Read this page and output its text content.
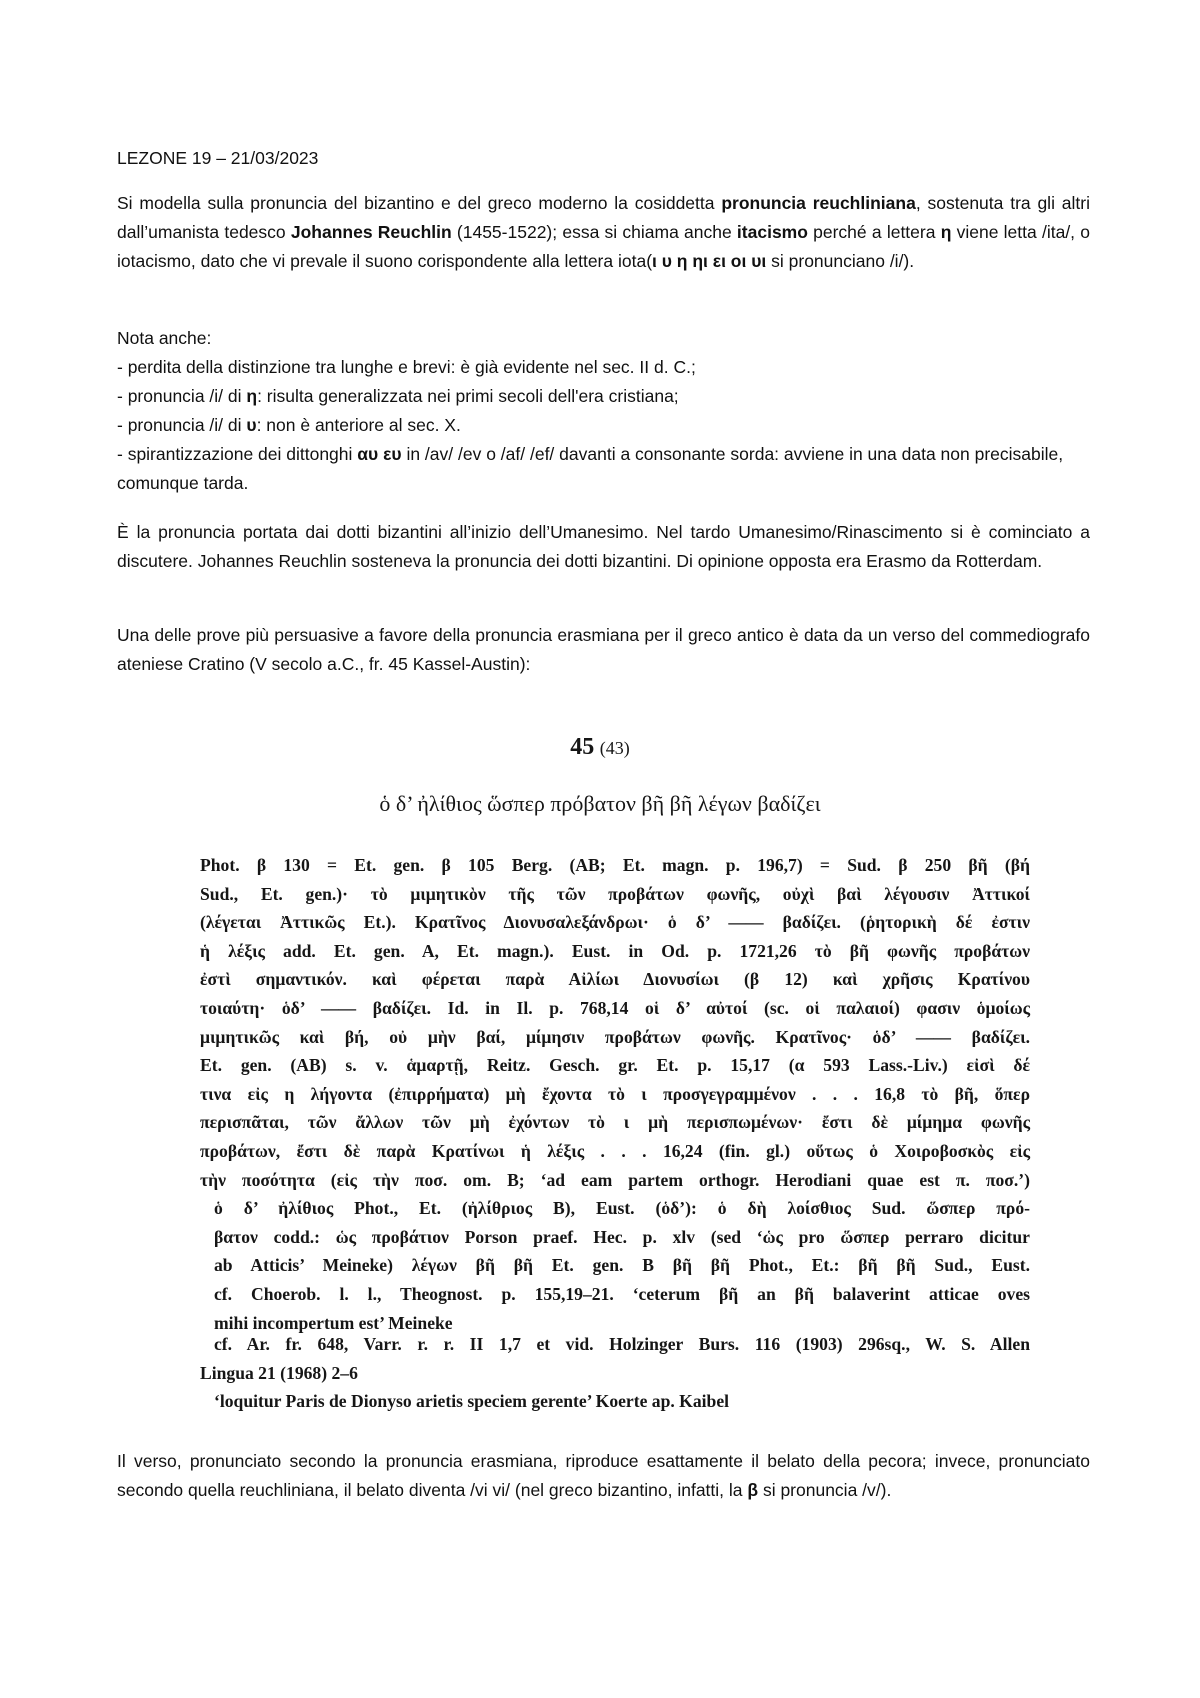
LEZONE 19 – 21/03/2023

Si modella sulla pronuncia del bizantino e del greco moderno la cosiddetta pronuncia reuchliniana, sostenuta tra gli altri dall’umanista tedesco Johannes Reuchlin (1455-1522); essa si chiama anche itacismo perché a lettera η viene letta /ita/, o iotacismo, dato che vi prevale il suono corispondente alla lettera iota(ι υ η ηι ει οι υι si pronunciano /i/).

Nota anche:

- perdita della distinzione tra lunghe e brevi: è già evidente nel sec. II d. C.;
- pronuncia /i/ di η: risulta generalizzata nei primi secoli dell'era cristiana;
- pronuncia /i/ di υ: non è anteriore al sec. X.
- spirantizzazione dei dittonghi αυ ευ in /av/ /ev o /af/ /ef/ davanti a consonante sorda: avviene in una data non precisabile, comunque tarda.

È la pronuncia portata dai dotti bizantini all’inizio dell’Umanesimo. Nel tardo Umanesimo/Rinascimento si è cominciato a discutere. Johannes Reuchlin sosteneva la pronuncia dei dotti bizantini. Di opinione opposta era Erasmo da Rotterdam.

Una delle prove più persuasive a favore della pronuncia erasmiana per il greco antico è data da un verso del commediografo ateniese Cratino (V secolo a.C., fr. 45 Kassel-Austin):

45 (43)
ὁ δ’ ἠλίθιος ὥσπερ πρόβατον βῆ βῆ λέγων βαδίζει

Phot. β 130 = Et. gen. β 105 Berg. (AB; Et. magn. p. 196,7) = Sud. β 250 βῆ (βή

Sud., Et. gen.)· τὸ μιμητικὸν τῆς τῶν προβάτων φωνῆς, οὐχὶ βαὶ λέγουσιν Ἀττικοί

(λέγεται Ἀττικῶς Et.). Κρατῖνος Διονυσαλεξάνδρωι· ὁ δ’ —— βαδίζει. (ῥητορικὴ δέ ἐστιν

ἡ λέξις add. Et. gen. A, Et. magn.). Eust. in Od. p. 1721,26 τὸ βῆ φωνῆς προβάτων

ἐστὶ σημαντικόν. καὶ φέρεται παρὰ Αἰλίωι Διονυσίωι (β 12) καὶ χρῆσις Κρατίνου

τοιαύτη· ὁδ’ —— βαδίζει. Id. in Il. p. 768,14 οἱ δ’ αὐτοί (sc. οἱ παλαιοί) φασιν ὁμοίως

μιμητικῶς καὶ βή, οὐ μὴν βαί, μίμησιν προβάτων φωνῆς. Κρατῖνος· ὁδ’ —— βαδίζει.

Et. gen. (AB) s. v. ἁμαρτῇ, Reitz. Gesch. gr. Et. p. 15,17 (α 593 Lass.-Liv.) εἰσὶ δέ

τινα εἰς η λήγοντα (ἐπιρρήματα) μὴ ἔχοντα τὸ ι προσγεγραμμένον . . . 16,8 τὸ βῆ, ὅπερ

περισπᾶται, τῶν ἄλλων τῶν μὴ ἐχόντων τὸ ι μὴ περισπωμένων· ἔστι δὲ μίμημα φωνῆς

προβάτων, ἔστι δὲ παρὰ Κρατίνωι ἡ λέξις . . . 16,24 (fin. gl.) οὕτως ὁ Χοιροβοσκὸς εἰς

τὴν ποσότητα (εἰς τὴν ποσ. om. B; ‘ad eam partem orthogr. Herodiani quae est π. ποσ.’)

ὁ δ’ ἠλίθιος Phot., Et. (ἠλίθριος B), Eust. (ὁδ’): ὁ δὴ λοίσθιος Sud. ὥσπερ πρό-

βατον codd.: ὡς προβάτιον Porson praef. Hec. p. xlv (sed ‘ὡς pro ὥσπερ perraro dicitur

ab Atticis’ Meineke) λέγων βῆ βῆ Et. gen. B βῆ βῆ Phot., Et.: βῆ βῆ Sud., Eust.

cf. Choerob. l. l., Theognost. p. 155,19–21. ‘ceterum βῆ an βῆ balaverint atticae oves

mihi incompertum est’ Meineke

cf. Ar. fr. 648, Varr. r. r. II 1,7 et vid. Holzinger Burs. 116 (1903) 296sq., W. S. Allen

Lingua 21 (1968) 2–6

‘loquitur Paris de Dionyso arietis speciem gerente’ Koerte ap. Kaibel

Il verso, pronunciato secondo la pronuncia erasmiana, riproduce esattamente il belato della pecora; invece, pronunciato secondo quella reuchliniana, il belato diventa /vi vi/ (nel greco bizantino, infatti, la β si pronuncia /v/).
